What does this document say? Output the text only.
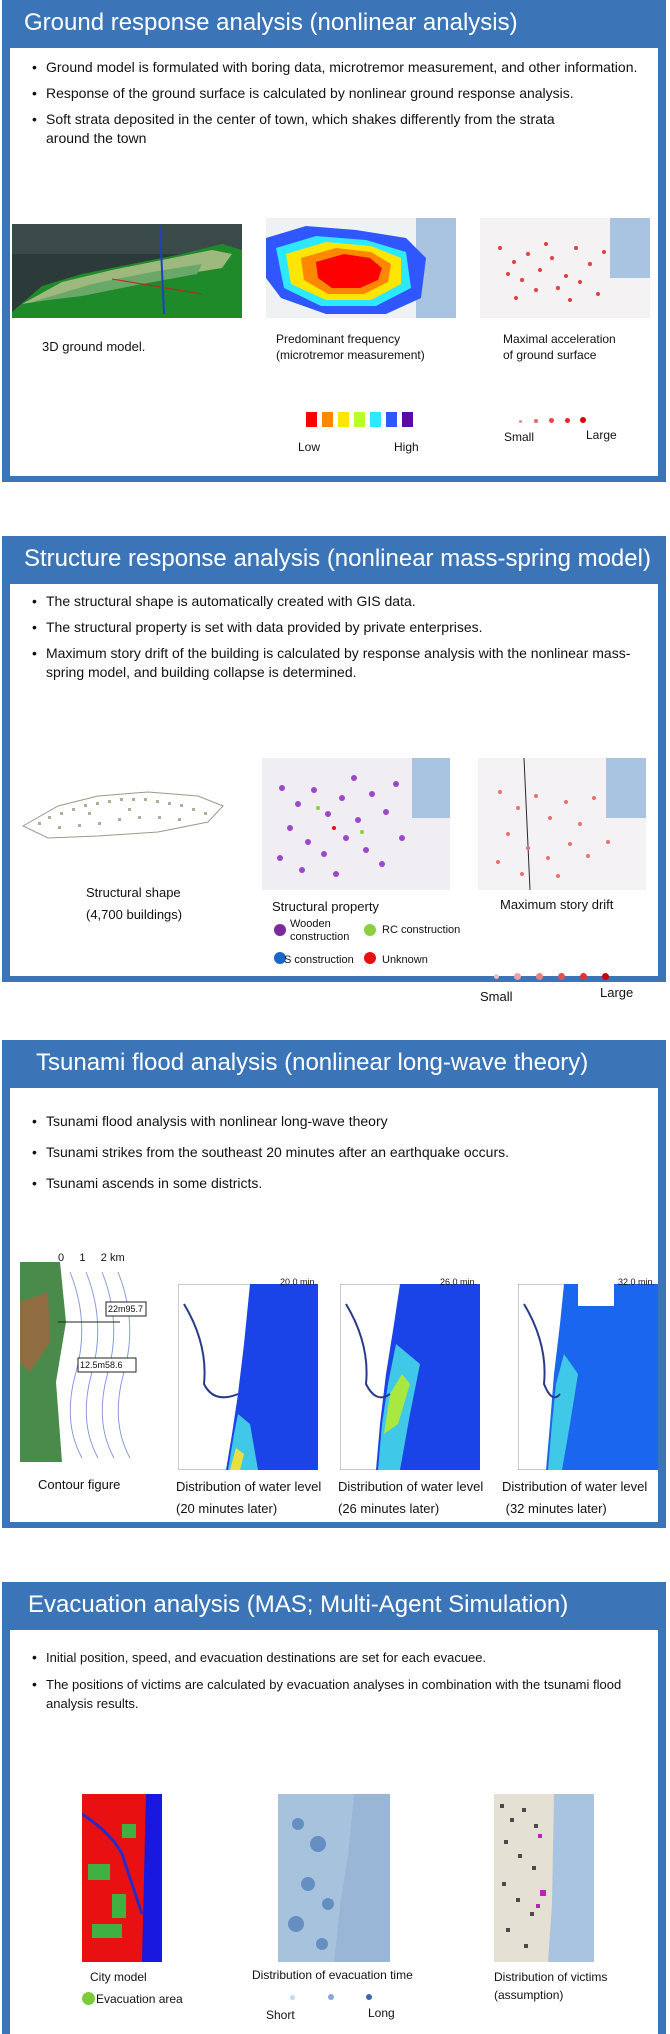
Ground response analysis (nonlinear analysis)
• Ground model is formulated with boring data, microtremor measurement, and other information.
• Response of the ground surface is calculated by nonlinear ground response analysis.
• Soft strata deposited in the center of town, which shakes differently from the strata around the town
3D ground model.	Predominant frequency
(microtremor measurement)
Low	High
Maximal acceleration
of ground surface
Small	Large
Structure response analysis (nonlinear mass-spring model)
• The structural shape is automatically created with GIS data.
• The structural property is set with data provided by private enterprises.
• Maximum story drift of the building is calculated by response analysis with the nonlinear mass-spring model, and building collapse is determined.
Structural shape
(4,700 buildings)
Structural property
Wooden construction
RC construction
S construction	Unknown
Maximum story drift
Small	Large
Tsunami flood analysis (nonlinear long-wave theory)
• Tsunami flood analysis with nonlinear long-wave theory
• Tsunami strikes from the southeast 20 minutes after an earthquake occurs.
• Tsunami ascends in some districts.
0     1     2 km
22m95.7
12.5m58.6
Contour figure
20.0 min.
Distribution of water level
(20 minutes later)
26.0 min.
Distribution of water level
(26 minutes later)
32.0 min.
Distribution of water level
(32 minutes later)
Evacuation analysis (MAS; Multi-Agent Simulation)
• Initial position, speed, and evacuation destinations are set for each evacuee.
• The positions of victims are calculated by evacuation analyses in combination with the tsunami flood analysis results.
City model
Evacuation area
Distribution of evacuation time
Short	Long
Distribution of victims
(assumption)
